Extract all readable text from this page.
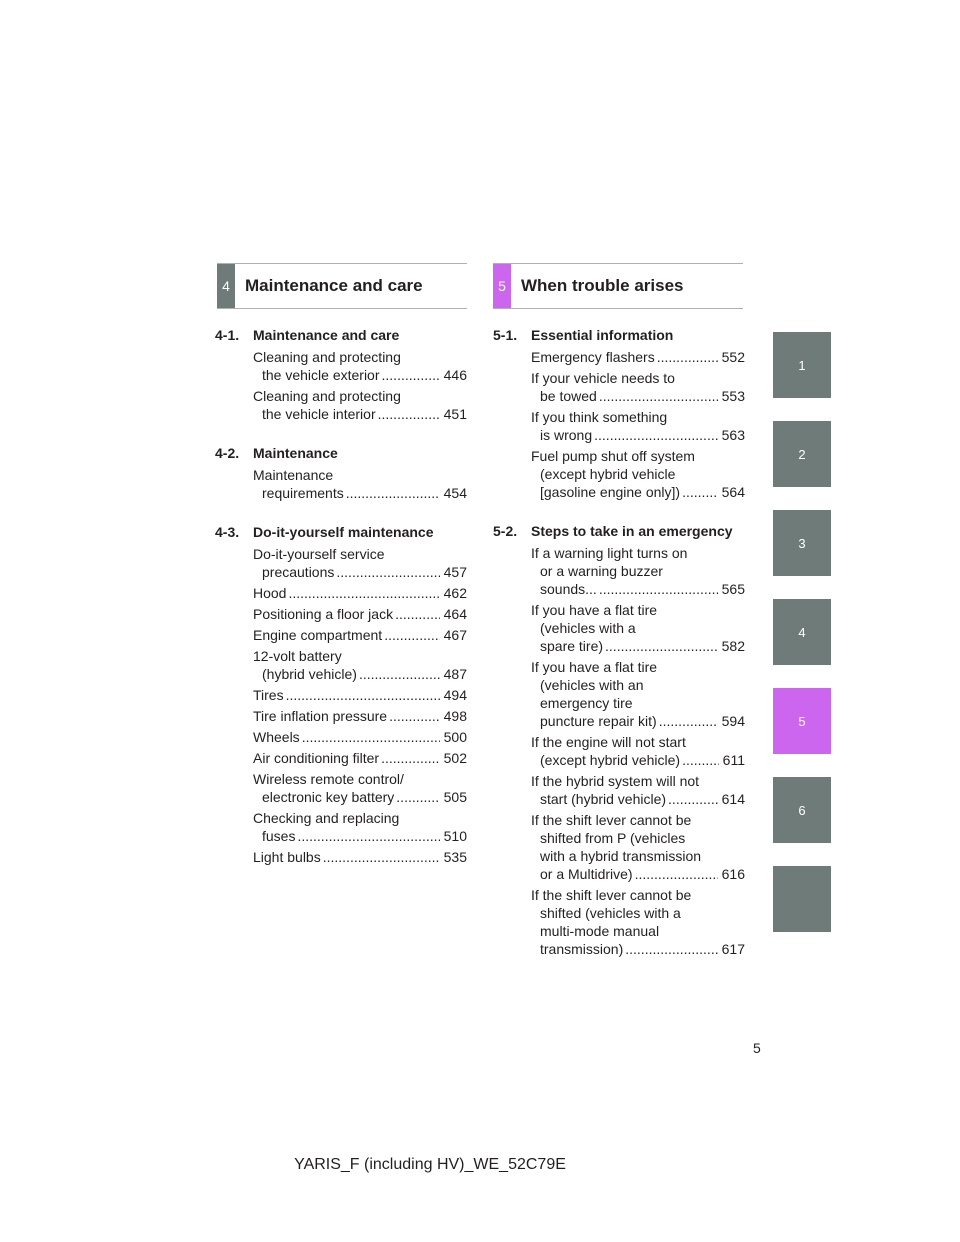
4 Maintenance and care	5 When trouble arises
4-1. Maintenance and care
Cleaning and protecting
the vehicle exterior .....	446
Cleaning and protecting
the vehicle interior .....	451
4-2. Maintenance
Maintenance
requirements .....	454
4-3. Do-it-yourself maintenance
Do-it-yourself service
precautions .....	457
Hood .....	462
Positioning a floor jack .....	464
Engine compartment .....	467
12-volt battery
(hybrid vehicle) .....	487
Tires .....	494
Tire inflation pressure .....	498
Wheels .....	500
Air conditioning filter .....	502
Wireless remote control/
electronic key battery .....	505
Checking and replacing
fuses .....	510
Light bulbs .....	535
5-1. Essential information
Emergency flashers .....	552
If your vehicle needs to
be towed .....	553
If you think something
is wrong .....	563
Fuel pump shut off system
(except hybrid vehicle
[gasoline engine only]) .....	564
5-2. Steps to take in an emergency
If a warning light turns on
or a warning buzzer
sounds... .....	565
If you have a flat tire
(vehicles with a
spare tire) .....	582
If you have a flat tire
(vehicles with an
emergency tire
puncture repair kit) .....	594
If the engine will not start
(except hybrid vehicle) .....	611
If the hybrid system will not
start (hybrid vehicle) .....	614
If the shift lever cannot be
shifted from P (vehicles
with a hybrid transmission
or a Multidrive) .....	616
If the shift lever cannot be
shifted (vehicles with a
multi-mode manual
transmission) .....	617
1
2
3
4
5
6
5
YARIS_F (including HV)_WE_52C79E
